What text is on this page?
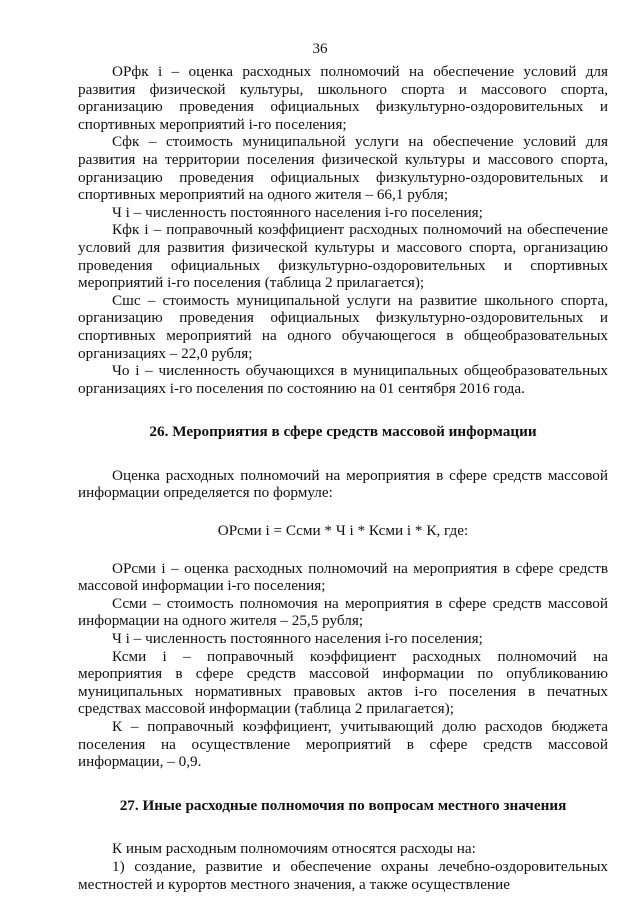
36

ОРфк i – оценка расходных полномочий на обеспечение условий для развития физической культуры, школьного спорта и массового спорта, организацию проведения официальных физкультурно-оздоровительных и спортивных мероприятий i-го поселения;

Сфк – стоимость муниципальной услуги на обеспечение условий для развития на территории поселения физической культуры и массового спорта, организацию проведения официальных физкультурно-оздоровительных и спортивных мероприятий на одного жителя – 66,1 рубля;

Ч i – численность постоянного населения i-го поселения;

Кфк i – поправочный коэффициент расходных полномочий на обеспечение условий для развития физической культуры и массового спорта, организацию проведения официальных физкультурно-оздоровительных и спортивных мероприятий i-го поселения (таблица 2 прилагается);

Сшс – стоимость муниципальной услуги на развитие школьного спорта, организацию проведения официальных физкультурно-оздоровительных и спортивных мероприятий на одного обучающегося в общеобразовательных организациях – 22,0 рубля;

Чо i – численность обучающихся в муниципальных общеобразовательных организациях i-го поселения по состоянию на 01 сентября 2016 года.

26. Мероприятия в сфере средств массовой информации

Оценка расходных полномочий на мероприятия в сфере средств массовой информации определяется по формуле:

ОРсми i = Ссми * Ч i * Ксми i * К, где:

ОРсми i – оценка расходных полномочий на мероприятия в сфере средств массовой информации i-го поселения;

Ссми – стоимость полномочия на мероприятия в сфере средств массовой информации на одного жителя – 25,5 рубля;

Ч i – численность постоянного населения i-го поселения;

Ксми i – поправочный коэффициент расходных полномочий на мероприятия в сфере средств массовой информации по опубликованию муниципальных нормативных правовых актов i-го поселения в печатных средствах массовой информации (таблица 2 прилагается);

К – поправочный коэффициент, учитывающий долю расходов бюджета поселения на осуществление мероприятий в сфере средств массовой информации, – 0,9.

27. Иные расходные полномочия по вопросам местного значения

К иным расходным полномочиям относятся расходы на:

1) создание, развитие и обеспечение охраны лечебно-оздоровительных местностей и курортов местного значения, а также осуществление
